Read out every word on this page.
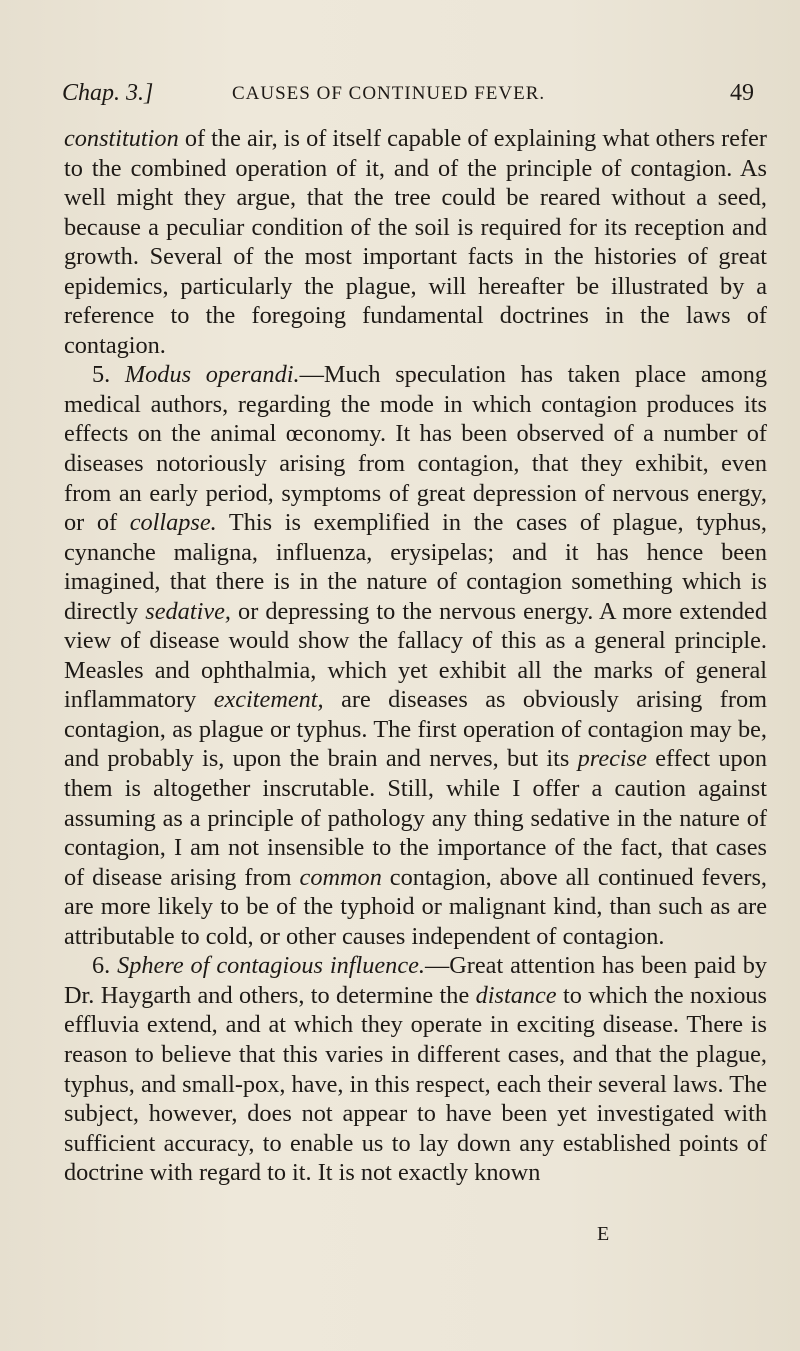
Chap. 3.]	CAUSES OF CONTINUED FEVER.	49

constitution of the air, is of itself capable of explaining what others refer to the combined operation of it, and of the principle of contagion. As well might they argue, that the tree could be reared without a seed, because a peculiar condition of the soil is required for its reception and growth. Several of the most important facts in the histories of great epidemics, particularly the plague, will hereafter be illustrated by a reference to the foregoing fundamental doctrines in the laws of contagion.

5. Modus operandi.—Much speculation has taken place among medical authors, regarding the mode in which contagion produces its effects on the animal œconomy. It has been observed of a number of diseases notoriously arising from contagion, that they exhibit, even from an early period, symptoms of great depression of nervous energy, or of collapse. This is exemplified in the cases of plague, typhus, cynanche maligna, influenza, erysipelas; and it has hence been imagined, that there is in the nature of contagion something which is directly sedative, or depressing to the nervous energy. A more extended view of disease would show the fallacy of this as a general principle. Measles and ophthalmia, which yet exhibit all the marks of general inflammatory excitement, are diseases as obviously arising from contagion, as plague or typhus. The first operation of contagion may be, and probably is, upon the brain and nerves, but its precise effect upon them is altogether inscrutable. Still, while I offer a caution against assuming as a principle of pathology any thing sedative in the nature of contagion, I am not insensible to the importance of the fact, that cases of disease arising from common contagion, above all continued fevers, are more likely to be of the typhoid or malignant kind, than such as are attributable to cold, or other causes independent of contagion.

6. Sphere of contagious influence.—Great attention has been paid by Dr. Haygarth and others, to determine the distance to which the noxious effluvia extend, and at which they operate in exciting disease. There is reason to believe that this varies in different cases, and that the plague, typhus, and small-pox, have, in this respect, each their several laws. The subject, however, does not appear to have been yet investigated with sufficient accuracy, to enable us to lay down any established points of doctrine with regard to it. It is not exactly known

E
